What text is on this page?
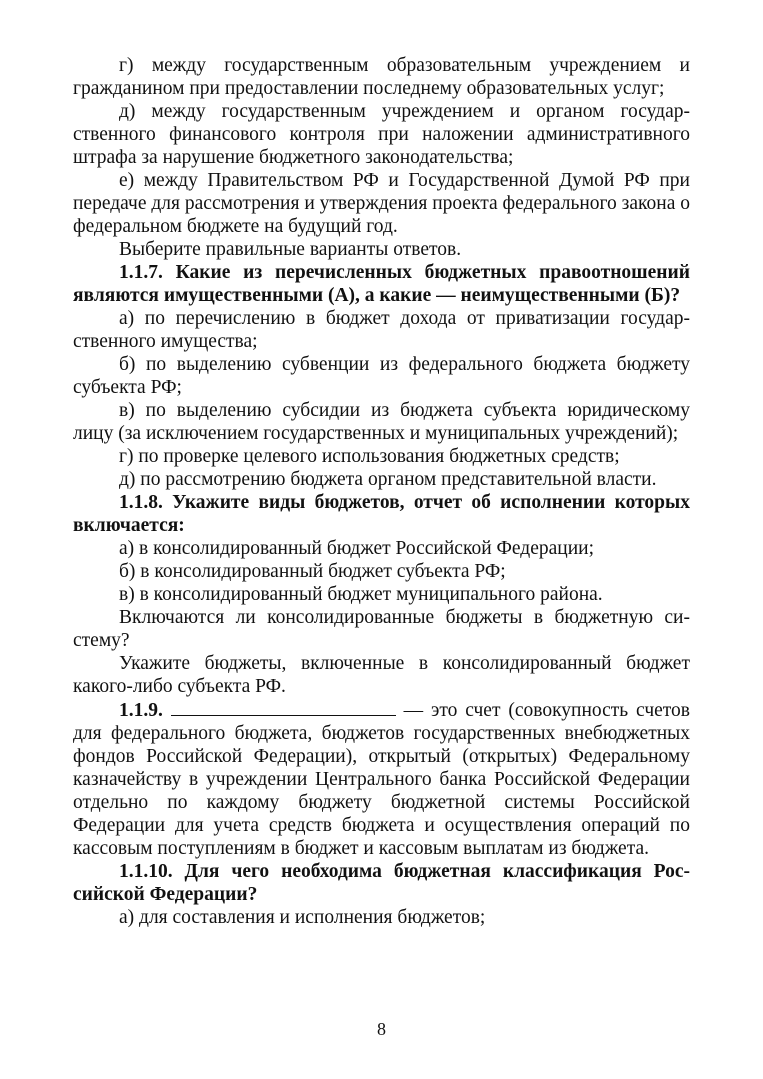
г) между государственным образовательным учреждением и гражданином при предоставлении последнему образовательных услуг;

д) между государственным учреждением и органом государственного финансового контроля при наложении административного штрафа за нарушение бюджетного законодательства;

е) между Правительством РФ и Государственной Думой РФ при передаче для рассмотрения и утверждения проекта федерального закона о федеральном бюджете на будущий год.

Выберите правильные варианты ответов.

1.1.7. Какие из перечисленных бюджетных правоотношений являются имущественными (А), а какие — неимущественными (Б)?

а) по перечислению в бюджет дохода от приватизации государственного имущества;

б) по выделению субвенции из федерального бюджета бюджету субъекта РФ;

в) по выделению субсидии из бюджета субъекта юридическому лицу (за исключением государственных и муниципальных учреждений);

г) по проверке целевого использования бюджетных средств;

д) по рассмотрению бюджета органом представительной власти.

1.1.8. Укажите виды бюджетов, отчет об исполнении которых включается:

а) в консолидированный бюджет Российской Федерации;

б) в консолидированный бюджет субъекта РФ;

в) в консолидированный бюджет муниципального района.

Включаются ли консолидированные бюджеты в бюджетную систему?

Укажите бюджеты, включенные в консолидированный бюджет какого-либо субъекта РФ.

1.1.9.	— это счет (совокупность счетов для федерального бюджета, бюджетов государственных внебюджетных фондов Российской Федерации), открытый (открытых) Федеральному казначейству в учреждении Центрального банка Российской Федерации отдельно по каждому бюджету бюджетной системы Российской Федерации для учета средств бюджета и осуществления операций по кассовым поступлениям в бюджет и кассовым выплатам из бюджета.

1.1.10. Для чего необходима бюджетная классификация Российской Федерации?

а) для составления и исполнения бюджетов;

8
